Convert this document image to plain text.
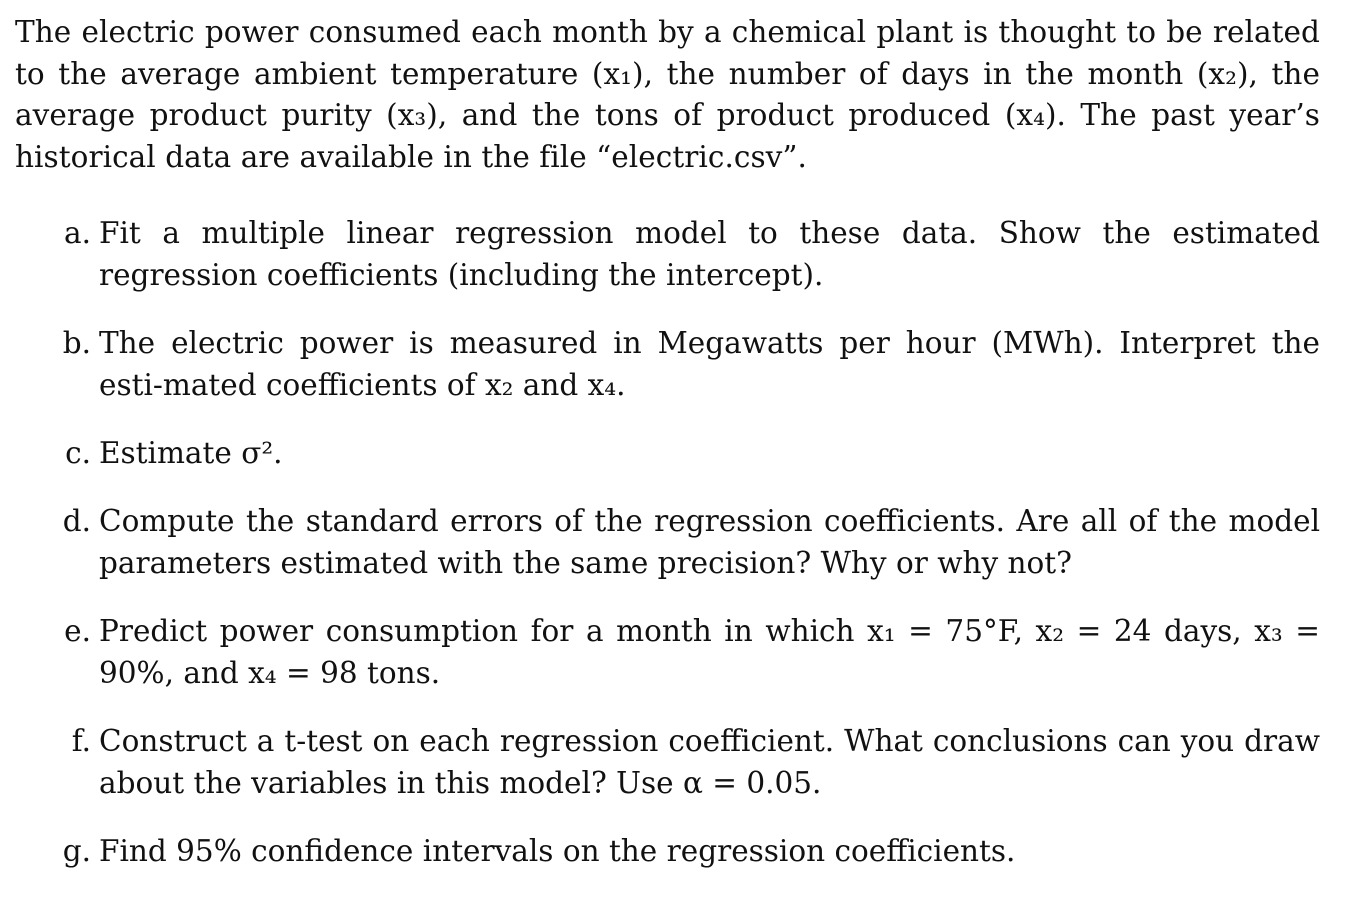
The electric power consumed each month by a chemical plant is thought to be related to the average ambient temperature (x₁), the number of days in the month (x₂), the average product purity (x₃), and the tons of product produced (x₄). The past year’s historical data are available in the file “electric.csv”.

a. Fit a multiple linear regression model to these data. Show the estimated regression coefficients (including the intercept).
b. The electric power is measured in Megawatts per hour (MWh). Interpret the esti-mated coefficients of x₂ and x₄.
c. Estimate σ².
d. Compute the standard errors of the regression coefficients. Are all of the model parameters estimated with the same precision? Why or why not?
e. Predict power consumption for a month in which x₁ = 75°F, x₂ = 24 days, x₃ = 90%, and x₄ = 98 tons.
f. Construct a t-test on each regression coefficient. What conclusions can you draw about the variables in this model? Use α = 0.05.
g. Find 95% confidence intervals on the regression coefficients.
